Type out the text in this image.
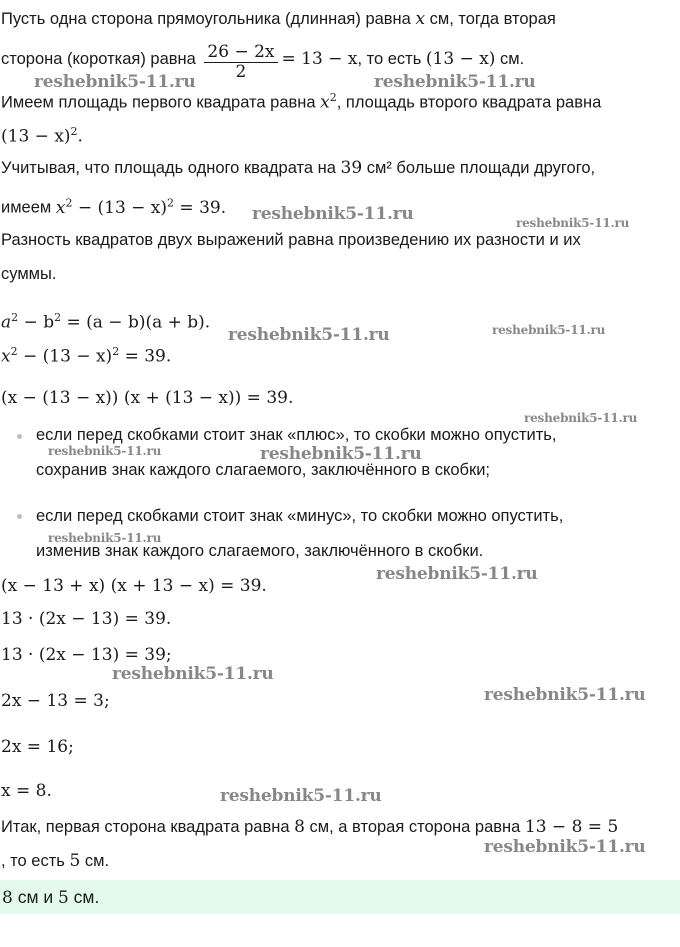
Пусть одна сторона прямоугольника (длинная) равна x см, тогда вторая
сторона (короткая) равна $\frac{26 - 2x}{2} = 13 - x$, то есть (13 − x) см.
Имеем площадь первого квадрата равна $x^2$, площадь второго квадрата равна
$(13 - x)^2$.
Учитывая, что площадь одного квадрата на 39 см² больше площади другого,
имеем $x^2 - (13 - x)^2 = 39$.
Разность квадратов двух выражений равна произведению их разности и их
суммы.
$a^2 - b^2 = (a - b)(a + b)$.
$x^2 - (13 - x)^2 = 39$.
(x − (13 − x)) (x + (13 − x)) = 39.
если перед скобками стоит знак «плюс», то скобки можно опустить,
сохранив знак каждого слагаемого, заключённого в скобки;
если перед скобками стоит знак «минус», то скобки можно опустить,
изменив знак каждого слагаемого, заключённого в скобки.
(x − 13 + x) (x + 13 − x) = 39.
13 · (2x − 13) = 39.
13 · (2x − 13) = 39;
2x − 13 = 3;
2x = 16;
x = 8.
Итак, первая сторона квадрата равна 8 см, а вторая сторона равна 13 − 8 = 5
, то есть 5 см.
8 см и 5 см.
reshebnik5-11.ru	reshebnik5-11.ru
reshebnik5-11.ru	reshebnik5-11.ru
reshebnik5-11.ru	reshebnik5-11.ru
reshebnik5-11.ru
reshebnik5-11.ru	reshebnik5-11.ru
reshebnik5-11.ru
reshebnik5-11.ru
reshebnik5-11.ru
reshebnik5-11.ru
reshebnik5-11.ru
reshebnik5-11.ru
